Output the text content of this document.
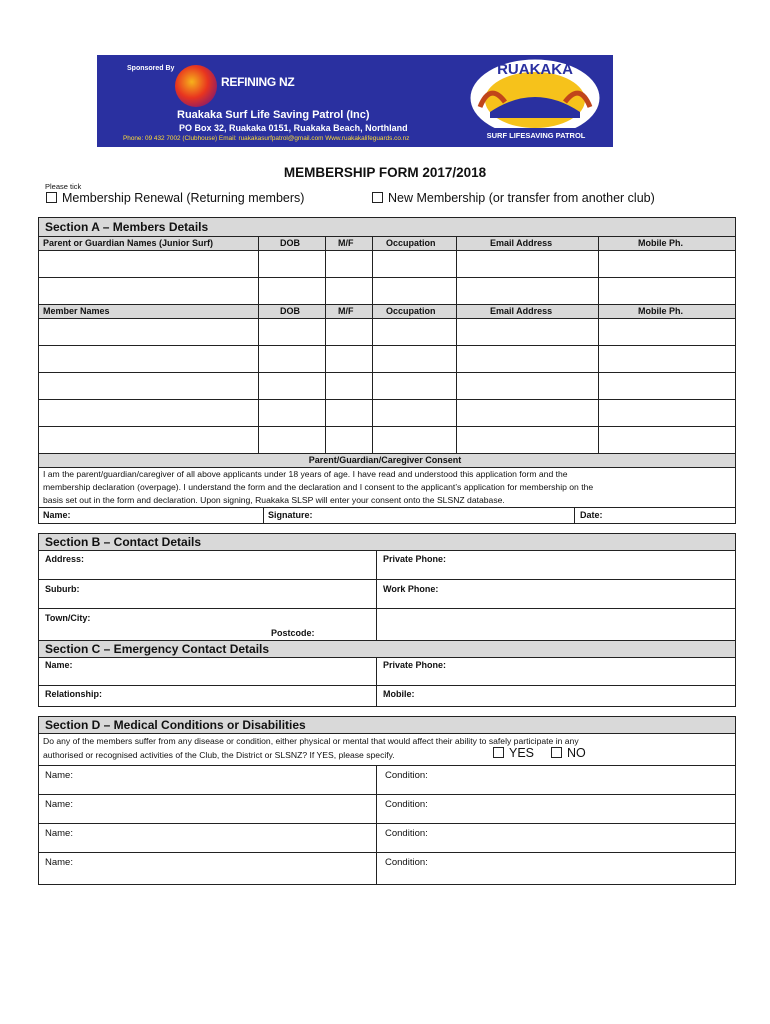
Sponsored By
REFINING NZ
Ruakaka Surf Life Saving Patrol (Inc)
PO Box 32, Ruakaka 0151, Ruakaka Beach, Northland
Phone: 09 432 7002 (Clubhouse) Email: ruakakasurfpatrol@gmail.com Www.ruakakalifeguards.co.nz
RUAKAKA
SURF LIFESAVING PATROL
MEMBERSHIP FORM 2017/2018
Please tick
Membership Renewal (Returning members)	New Membership (or transfer from another club)
Section A – Members Details
Parent or Guardian Names (Junior Surf)	DOB	M/F	Occupation	Email Address	Mobile Ph.
Member Names	DOB	M/F	Occupation	Email Address	Mobile Ph.
Parent/Guardian/Caregiver Consent
I am the parent/guardian/caregiver of all above applicants under 18 years of age. I have read and understood this application form and the
membership declaration (overpage). I understand the form and the declaration and I consent to the applicant’s application for membership on the
basis set out in the form and declaration. Upon signing, Ruakaka SLSP will enter your consent onto the SLSNZ database.
Name:	Signature:	Date:
Section B – Contact Details
Address:	Private Phone:
Suburb:	Work Phone:
Town/City:
Postcode:
Section C – Emergency Contact Details
Name:	Private Phone:
Relationship:	Mobile:
Section D – Medical Conditions or Disabilities
Do any of the members suffer from any disease or condition, either physical or mental that would affect their ability to safely participate in any
authorised or recognised activities of the Club, the District or SLSNZ? If YES, please specify.	YES	NO
Name:	Condition:
Name:	Condition:
Name:	Condition:
Name:	Condition:
